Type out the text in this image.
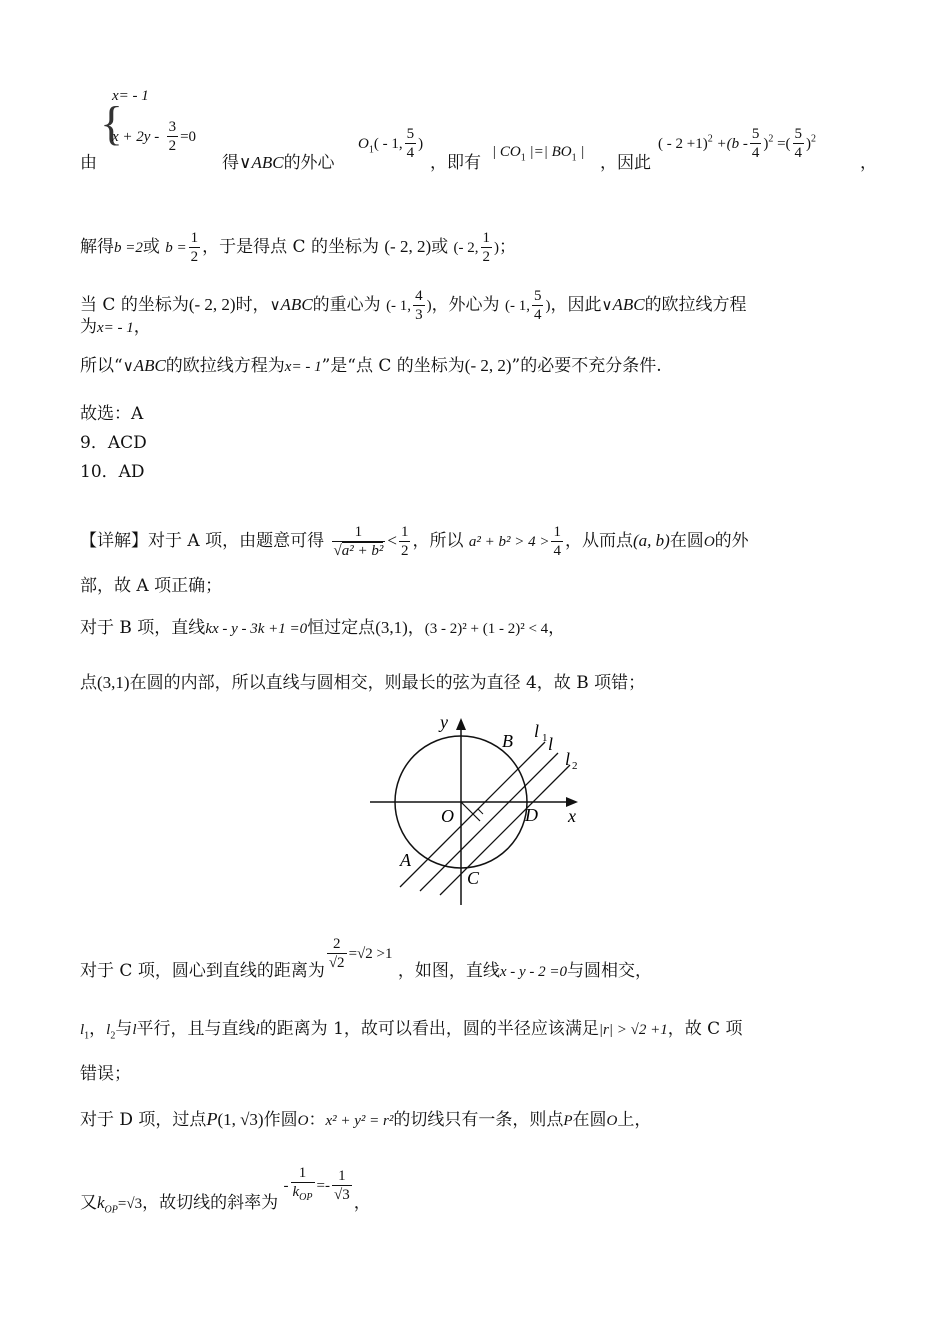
{
x= - 1
$x + 2y - \frac{3}{2} =0$
由	得∨ABC的外心
$O_1( - 1$, $\frac{5}{4}$ )
，即有
| $CO_1$ |=| $BO_1$ |
，因此
( - $2 +1)^2 +(b - \frac{5}{4} )^2$ =( $\frac{5}{4} )^2$
，
解得b =2或 $b = \frac{1}{2}$ ，于是得点 C 的坐标为 (- 2, 2)或 (- 2, $\frac{1}{2}$ )；
当 C 的坐标为(- 2, 2)时，∨ABC的重心为 (- 1, $\frac{4}{3}$ )，外心为 (- 1, $\frac{5}{4}$ )，因此∨ABC的欧拉线方程
为x= - 1，
所以“∨ABC的欧拉线方程为x= - 1”是“点 C 的坐标为(- 2, 2)”的必要不充分条件.
故选：A
9．ACD
10．AD
【详解】对于 A 项，由题意可得 $\frac{1}{\text{√a² + b²}} < \frac{1}{2}$ ，所以 $a^2 + b^2 > 4 > \frac{1}{4}$ ，从而点(a, b)在圆O的外
部，故 A 项正确；
对于 B 项，直线kx - y - 3k +1 =0恒过定点(3,1)，(3 - 2)² + (1 - 2)² < 4，
点(3,1)在圆的内部，所以直线与圆相交，则最长的弦为直径 4，故 B 项错；
y
x
O
B
A
C
D
l 1 l
l 2
对于 C 项，圆心到直线的距离为 $\frac{2}{√2} =√2 >1$ ，如图，直线x - y - 2 =0与圆相交，
$l_1$，$l_2$与l平行，且与直线l的距离为 1，故可以看出，圆的半径应该满足|r| > √2 +1，故 C 项
错误；
对于 D 项，过点P(1, √3)作圆O：x² + y² = r²的切线只有一条，则点P在圆O上，
又$k_{OP}=√3$，故切线的斜率为 - $\frac{1}{k_{OP}} =- \frac{1}{√3}$ ，
